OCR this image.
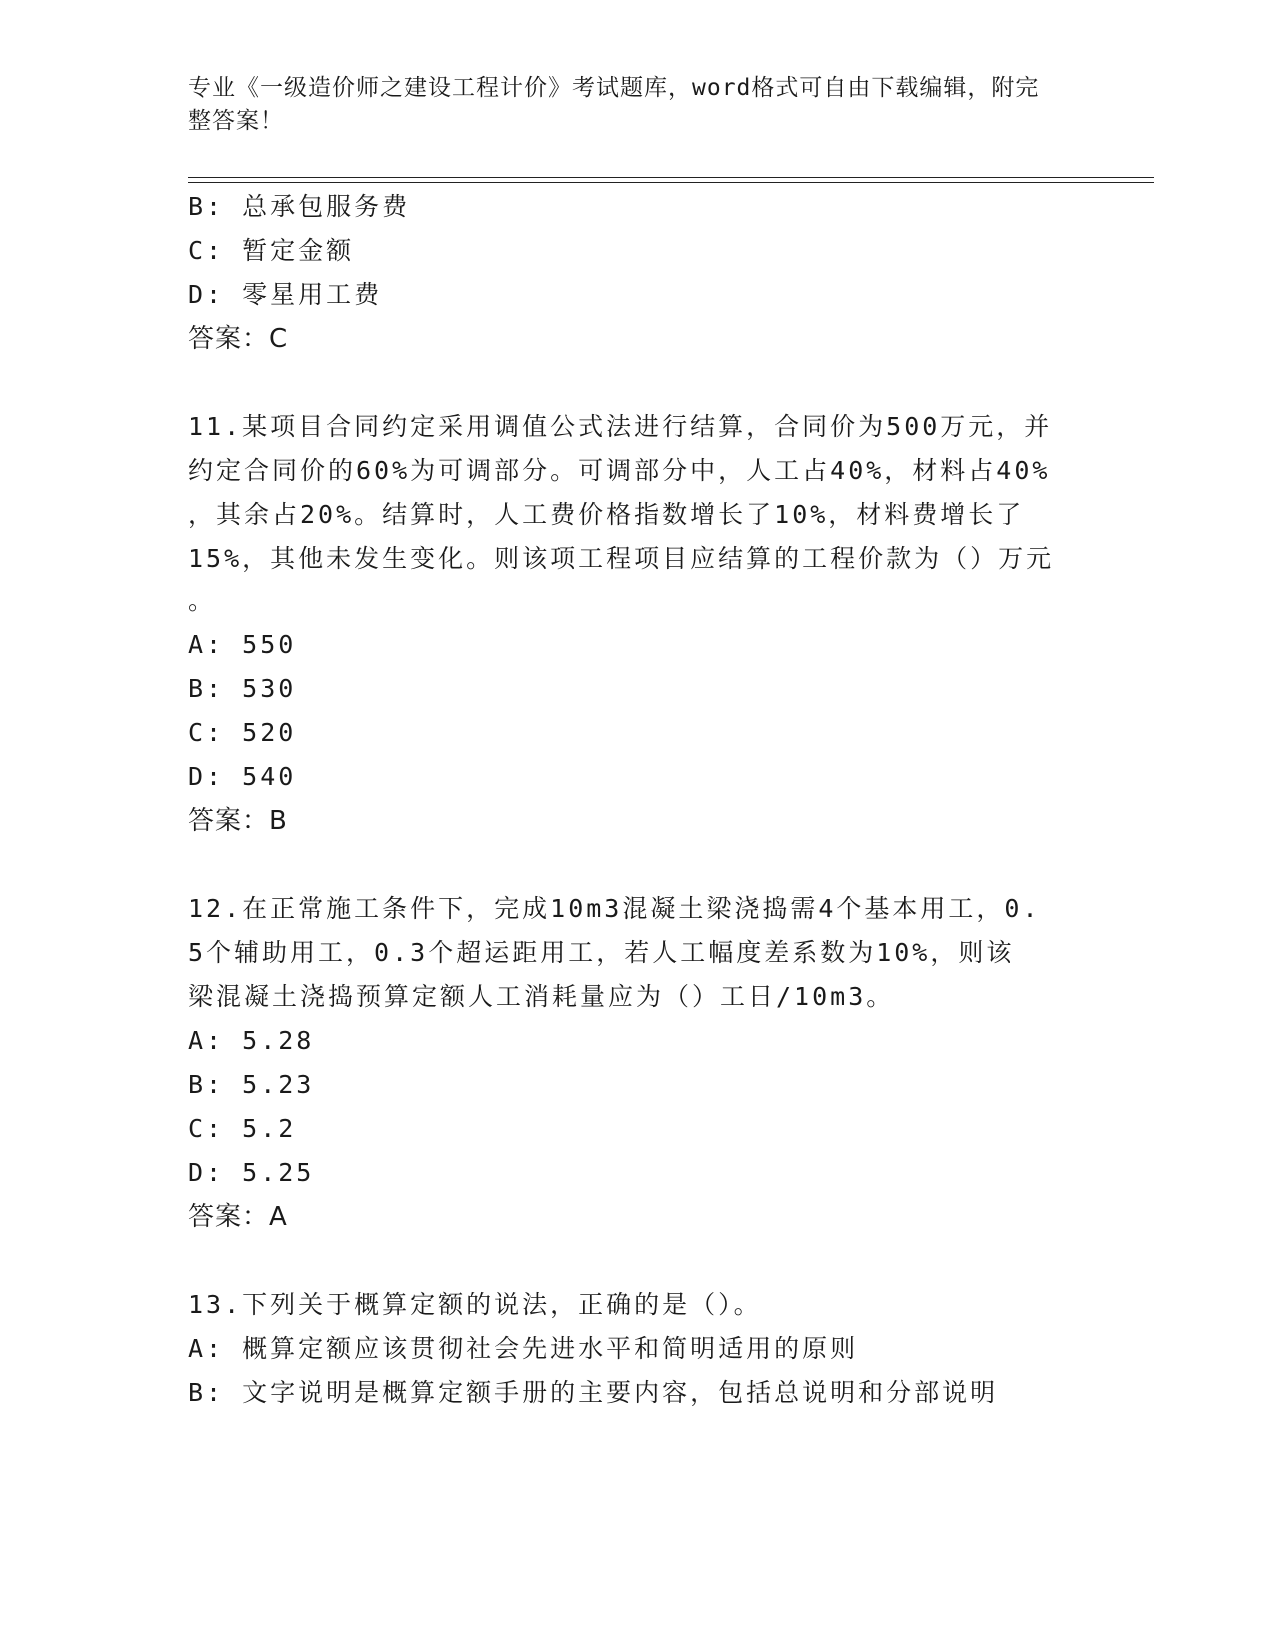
专业《一级造价师之建设工程计价》考试题库，word格式可自由下载编辑，附完
整答案！
B: 总承包服务费
C: 暂定金额
D: 零星用工费
答案：C
11.某项目合同约定采用调值公式法进行结算，合同价为500万元，并
约定合同价的60%为可调部分。可调部分中，人工占40%，材料占40%
，其余占20%。结算时，人工费价格指数增长了10%，材料费增长了
15%，其他未发生变化。则该项工程项目应结算的工程价款为（）万元
。
A: 550
B: 530
C: 520
D: 540
答案：B
12.在正常施工条件下，完成10m3混凝土梁浇捣需4个基本用工，0.
5个辅助用工，0.3个超运距用工，若人工幅度差系数为10%，则该
梁混凝土浇捣预算定额人工消耗量应为（）工日/10m3。
A: 5.28
B: 5.23
C: 5.2
D: 5.25
答案：A
13.下列关于概算定额的说法，正确的是（）。
A: 概算定额应该贯彻社会先进水平和简明适用的原则
B: 文字说明是概算定额手册的主要内容，包括总说明和分部说明
